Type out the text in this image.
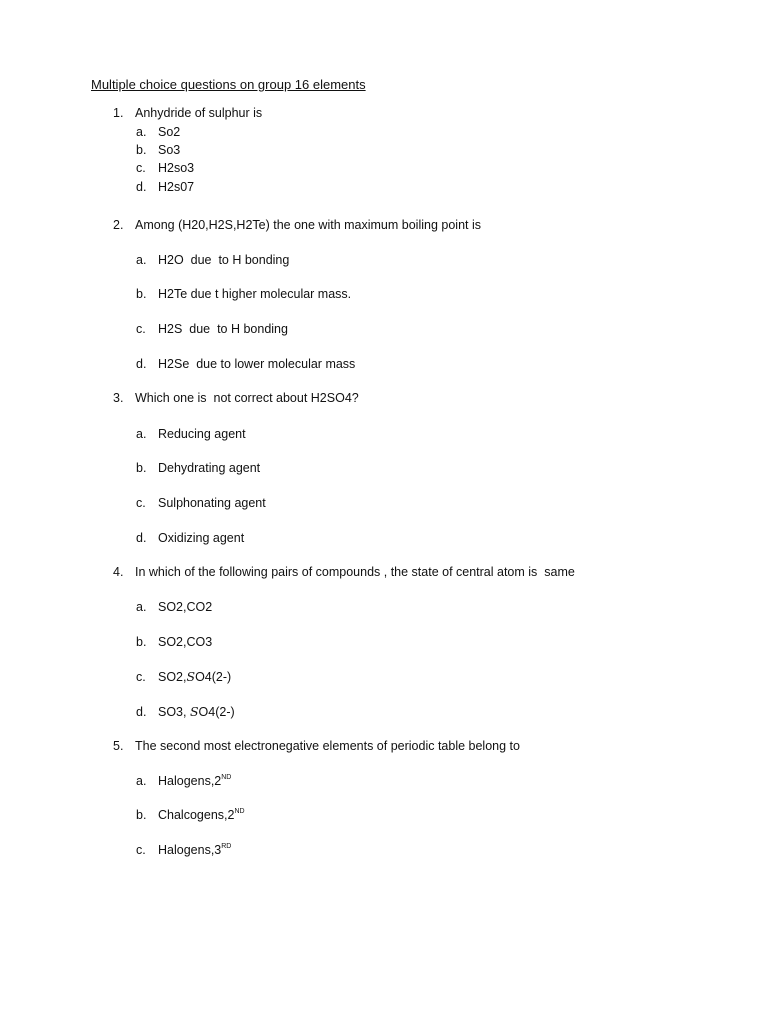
Multiple choice questions on group 16 elements
1. Anhydride of sulphur is
a. So2
b. So3
c. H2so3
d. H2s07
2. Among (H20,H2S,H2Te) the one with maximum boiling point is
a. H2O  due  to H bonding
b. H2Te due t higher molecular mass.
c. H2S  due  to H bonding
d. H2Se  due to lower molecular mass
3. Which one is  not correct about H2SO4?
a. Reducing agent
b. Dehydrating agent
c. Sulphonating agent
d. Oxidizing agent
4. In which of the following pairs of compounds , the state of central atom is  same
a. SO2,CO2
b. SO2,CO3
c. SO2,SO4(2-)
d. SO3, SO4(2-)
5. The second most electronegative elements of periodic table belong to
a. Halogens,2ND
b. Chalcogens,2ND
c. Halogens,3RD
